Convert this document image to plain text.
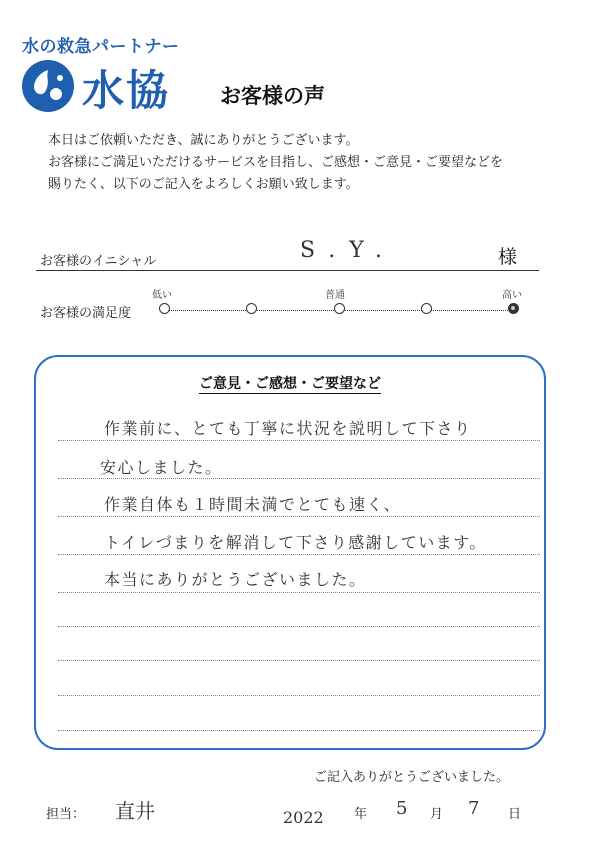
水の救急パートナー
水協 お客様の声
本日はご依頼いただき、誠にありがとうございます。
お客様にご満足いただけるサービスを目指し、ご感想・ご意見・ご要望などを
賜りたく、以下のご記入をよろしくお願い致します。
お客様のイニシャル	S.Y.	様
お客様の満足度
低い	普通	高い
ご意見・ご感想・ご要望など
作業前に、とても丁寧に状況を説明して下さり
安心しました。
作業自体も１時間未満でとても速く、
トイレづまりを解消して下さり感謝しています。
本当にありがとうございました。
ご記入ありがとうございました。
担当： 直井	2022 年 5 月 7 日
